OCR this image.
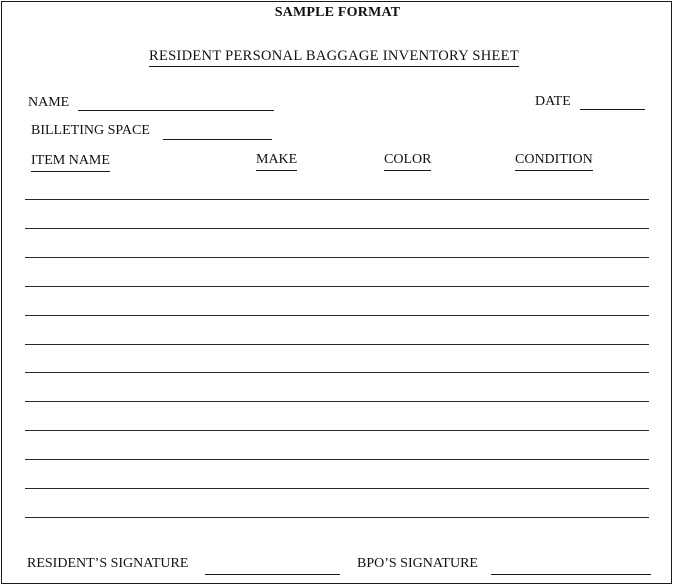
SAMPLE FORMAT
RESIDENT PERSONAL BAGGAGE INVENTORY SHEET
NAME	DATE
BILLETING SPACE
ITEM NAME	MAKE	COLOR	CONDITION
RESIDENT’S SIGNATURE	BPO’S SIGNATURE
